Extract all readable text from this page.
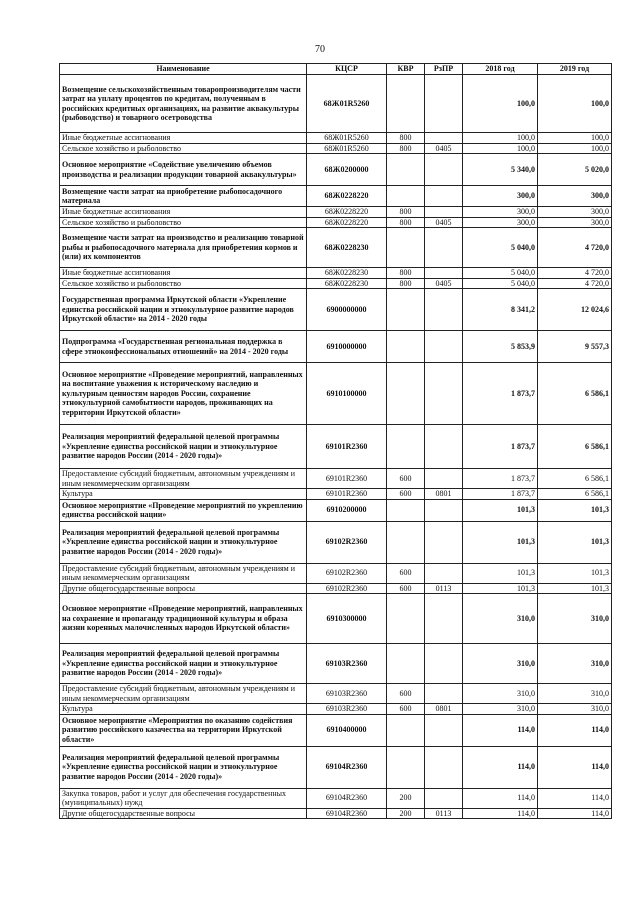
70
Наименование	КЦСР	КВР	РзПР	2018 год	2019 год
Возмещение сельскохозяйственным товаропроизводителям части затрат на уплату процентов по кредитам, полученным в российских кредитных организациях, на развитие аквакультуры (рыбоводство) и товарного осетроводства	68Ж01R5260			100,0	100,0
Иные бюджетные ассигнования	68Ж01R5260	800		100,0	100,0
Сельское хозяйство и рыболовство	68Ж01R5260	800	0405	100,0	100,0
Основное мероприятие «Содействие увеличению объемов производства и реализации продукции товарной аквакультуры»	68Ж0200000			5 340,0	5 020,0
Возмещение части затрат на приобретение рыбопосадочного материала	68Ж0228220			300,0	300,0
Иные бюджетные ассигнования	68Ж0228220	800		300,0	300,0
Сельское хозяйство и рыболовство	68Ж0228220	800	0405	300,0	300,0
Возмещение части затрат на производство и реализацию товарной рыбы и рыбопосадочного материала для приобретения кормов и (или) их компонентов	68Ж0228230			5 040,0	4 720,0
Иные бюджетные ассигнования	68Ж0228230	800		5 040,0	4 720,0
Сельское хозяйство и рыболовство	68Ж0228230	800	0405	5 040,0	4 720,0
Государственная программа Иркутской области «Укрепление единства российской нации и этнокультурное развитие народов Иркутской области» на 2014 - 2020 годы	6900000000			8 341,2	12 024,6
Подпрограмма «Государственная региональная поддержка в сфере этноконфессиональных отношений» на 2014 - 2020 годы	6910000000			5 853,9	9 557,3
Основное мероприятие «Проведение мероприятий, направленных на воспитание уважения к историческому наследию и культурным ценностям народов России, сохранение этнокультурной самобытности народов, проживающих на территории Иркутской области»	6910100000			1 873,7	6 586,1
Реализация мероприятий федеральной целевой программы «Укрепление единства российской нации и этнокультурное развитие народов России (2014 - 2020 годы)»	69101R2360			1 873,7	6 586,1
Предоставление субсидий бюджетным, автономным учреждениям и иным некоммерческим организациям	69101R2360	600		1 873,7	6 586,1
Культура	69101R2360	600	0801	1 873,7	6 586,1
Основное мероприятие «Проведение мероприятий по укреплению единства российской нации»	6910200000			101,3	101,3
Реализация мероприятий федеральной целевой программы «Укрепление единства российской нации и этнокультурное развитие народов России (2014 - 2020 годы)»	69102R2360			101,3	101,3
Предоставление субсидий бюджетным, автономным учреждениям и иным некоммерческим организациям	69102R2360	600		101,3	101,3
Другие общегосударственные вопросы	69102R2360	600	0113	101,3	101,3
Основное мероприятие «Проведение мероприятий, направленных на сохранение и пропаганду традиционной культуры и образа жизни коренных малочисленных народов Иркутской области»	6910300000			310,0	310,0
Реализация мероприятий федеральной целевой программы «Укрепление единства российской нации и этнокультурное развитие народов России (2014 - 2020 годы)»	69103R2360			310,0	310,0
Предоставление субсидий бюджетным, автономным учреждениям и иным некоммерческим организациям	69103R2360	600		310,0	310,0
Культура	69103R2360	600	0801	310,0	310,0
Основное мероприятие «Мероприятия по оказанию содействия развитию российского казачества на территории Иркутской области»	6910400000			114,0	114,0
Реализация мероприятий федеральной целевой программы «Укрепление единства российской нации и этнокультурное развитие народов России (2014 - 2020 годы)»	69104R2360			114,0	114,0
Закупка товаров, работ и услуг для обеспечения государственных (муниципальных) нужд	69104R2360	200		114,0	114,0
Другие общегосударственные вопросы	69104R2360	200	0113	114,0	114,0
